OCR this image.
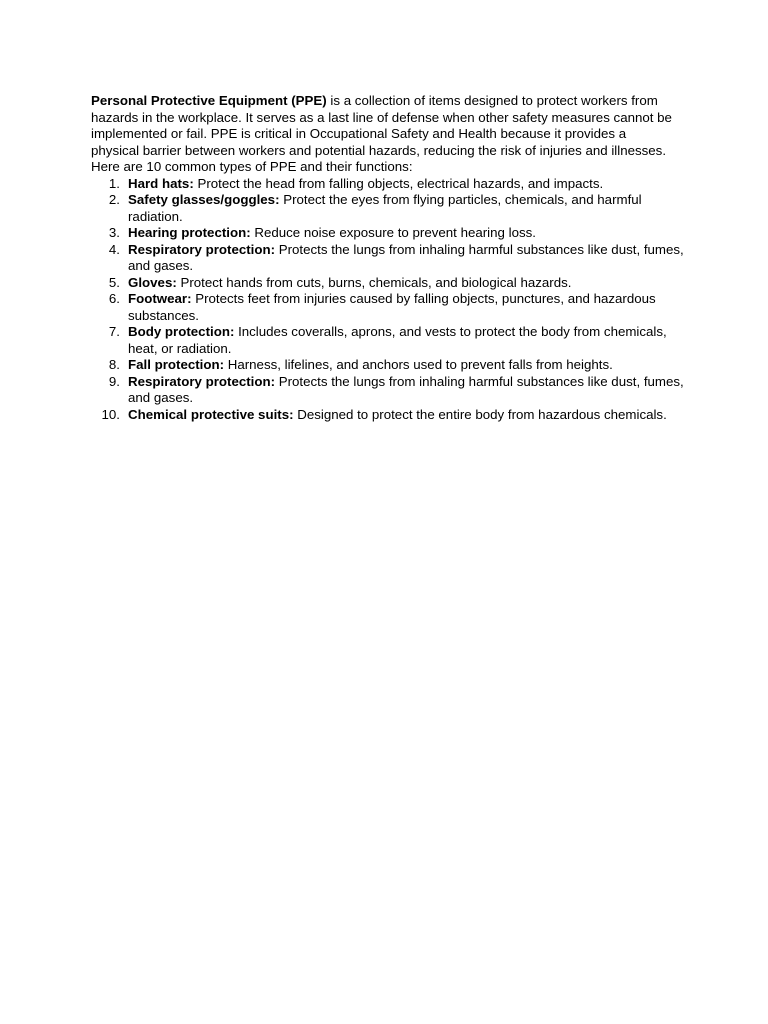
Personal Protective Equipment (PPE) is a collection of items designed to protect workers from hazards in the workplace. It serves as a last line of defense when other safety measures cannot be implemented or fail. PPE is critical in Occupational Safety and Health because it provides a physical barrier between workers and potential hazards, reducing the risk of injuries and illnesses.

Here are 10 common types of PPE and their functions:

1. Hard hats: Protect the head from falling objects, electrical hazards, and impacts.
2. Safety glasses/goggles: Protect the eyes from flying particles, chemicals, and harmful radiation.
3. Hearing protection: Reduce noise exposure to prevent hearing loss.
4. Respiratory protection: Protects the lungs from inhaling harmful substances like dust, fumes, and gases.
5. Gloves: Protect hands from cuts, burns, chemicals, and biological hazards.
6. Footwear: Protects feet from injuries caused by falling objects, punctures, and hazardous substances.
7. Body protection: Includes coveralls, aprons, and vests to protect the body from chemicals, heat, or radiation.
8. Fall protection: Harness, lifelines, and anchors used to prevent falls from heights.
9. Respiratory protection: Protects the lungs from inhaling harmful substances like dust, fumes, and gases.
10. Chemical protective suits: Designed to protect the entire body from hazardous chemicals.
